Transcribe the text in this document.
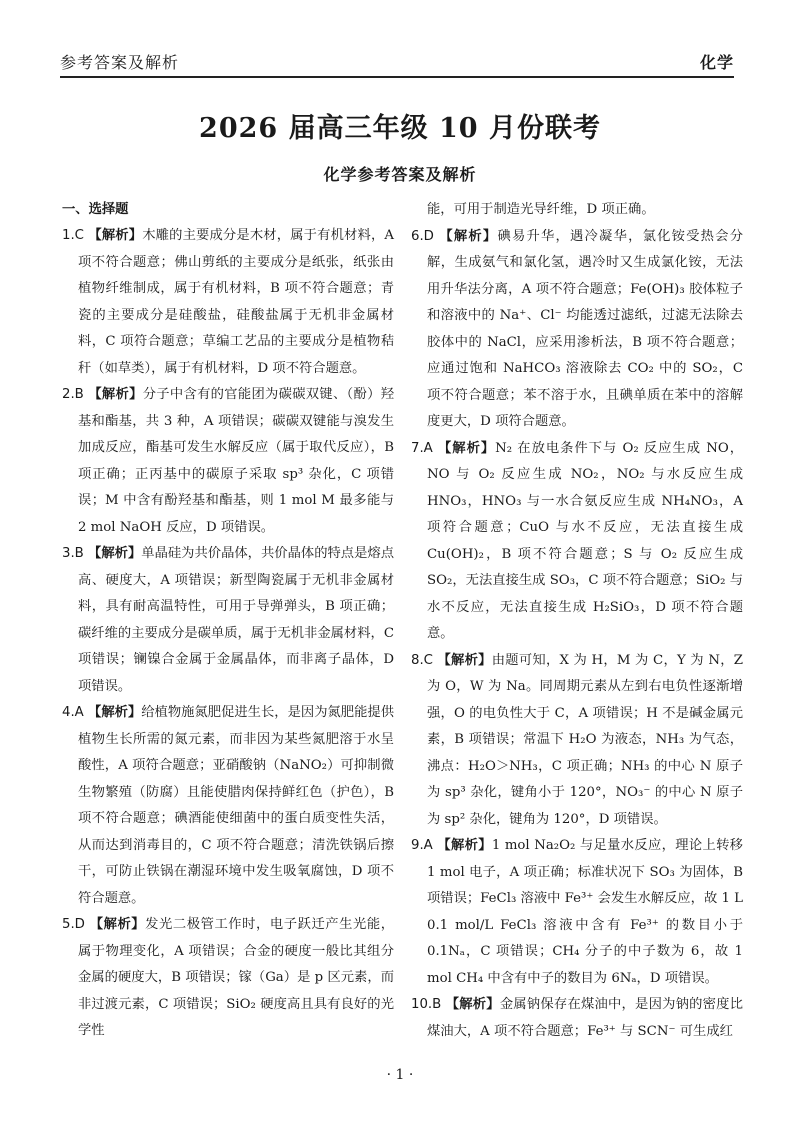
参考答案及解析	化学
2026 届高三年级 10 月份联考
化学参考答案及解析
一、选择题
1.C 【解析】木雕的主要成分是木材，属于有机材料，A 项不符合题意；佛山剪纸的主要成分是纸张，纸张由植物纤维制成，属于有机材料，B 项不符合题意；青瓷的主要成分是硅酸盐，硅酸盐属于无机非金属材料，C 项符合题意；草编工艺品的主要成分是植物秸秆（如草类），属于有机材料，D 项不符合题意。
2.B 【解析】分子中含有的官能团为碳碳双键、（酚）羟基和酯基，共 3 种，A 项错误；碳碳双键能与溴发生加成反应，酯基可发生水解反应（属于取代反应），B 项正确；正丙基中的碳原子采取 sp³ 杂化，C 项错误；M 中含有酚羟基和酯基，则 1 mol M 最多能与 2 mol NaOH 反应，D 项错误。
3.B 【解析】单晶硅为共价晶体，共价晶体的特点是熔点高、硬度大，A 项错误；新型陶瓷属于无机非金属材料，具有耐高温特性，可用于导弹弹头，B 项正确；碳纤维的主要成分是碳单质，属于无机非金属材料，C 项错误；镧镍合金属于金属晶体，而非离子晶体，D 项错误。
4.A 【解析】给植物施氮肥促进生长，是因为氮肥能提供植物生长所需的氮元素，而非因为某些氮肥溶于水呈酸性，A 项符合题意；亚硝酸钠（NaNO₂）可抑制微生物繁殖（防腐）且能使腊肉保持鲜红色（护色），B 项不符合题意；碘酒能使细菌中的蛋白质变性失活，从而达到消毒目的，C 项不符合题意；清洗铁锅后擦干，可防止铁锅在潮湿环境中发生吸氧腐蚀，D 项不符合题意。
5.D 【解析】发光二极管工作时，电子跃迁产生光能，属于物理变化，A 项错误；合金的硬度一般比其组分金属的硬度大，B 项错误；镓（Ga）是 p 区元素，而非过渡元素，C 项错误；SiO₂ 硬度高且具有良好的光学性
能，可用于制造光导纤维，D 项正确。
6.D 【解析】碘易升华，遇冷凝华，氯化铵受热会分解，生成氨气和氯化氢，遇冷时又生成氯化铵，无法用升华法分离，A 项不符合题意；Fe(OH)₃ 胶体粒子和溶液中的 Na⁺、Cl⁻ 均能透过滤纸，过滤无法除去胶体中的 NaCl，应采用渗析法，B 项不符合题意；应通过饱和 NaHCO₃ 溶液除去 CO₂ 中的 SO₂，C 项不符合题意；苯不溶于水，且碘单质在苯中的溶解度更大，D 项符合题意。
7.A 【解析】N₂ 在放电条件下与 O₂ 反应生成 NO，NO 与 O₂ 反应生成 NO₂，NO₂ 与水反应生成 HNO₃，HNO₃ 与一水合氨反应生成 NH₄NO₃，A 项符合题意；CuO 与水不反应，无法直接生成 Cu(OH)₂，B 项不符合题意；S 与 O₂ 反应生成 SO₂，无法直接生成 SO₃，C 项不符合题意；SiO₂ 与水不反应，无法直接生成 H₂SiO₃，D 项不符合题意。
8.C 【解析】由题可知，X 为 H，M 为 C，Y 为 N，Z 为 O，W 为 Na。同周期元素从左到右电负性逐渐增强，O 的电负性大于 C，A 项错误；H 不是碱金属元素，B 项错误；常温下 H₂O 为液态，NH₃ 为气态，沸点：H₂O＞NH₃，C 项正确；NH₃ 的中心 N 原子为 sp³ 杂化，键角小于 120°，NO₃⁻ 的中心 N 原子为 sp² 杂化，键角为 120°，D 项错误。
9.A 【解析】1 mol Na₂O₂ 与足量水反应，理论上转移 1 mol 电子，A 项正确；标准状况下 SO₃ 为固体，B 项错误；FeCl₃ 溶液中 Fe³⁺ 会发生水解反应，故 1 L 0.1 mol/L FeCl₃ 溶液中含有 Fe³⁺ 的数目小于 0.1Nₐ，C 项错误；CH₄ 分子的中子数为 6，故 1 mol CH₄ 中含有中子的数目为 6Nₐ，D 项错误。
10.B 【解析】金属钠保存在煤油中，是因为钠的密度比煤油大，A 项不符合题意；Fe³⁺ 与 SCN⁻ 可生成红
· 1 ·
